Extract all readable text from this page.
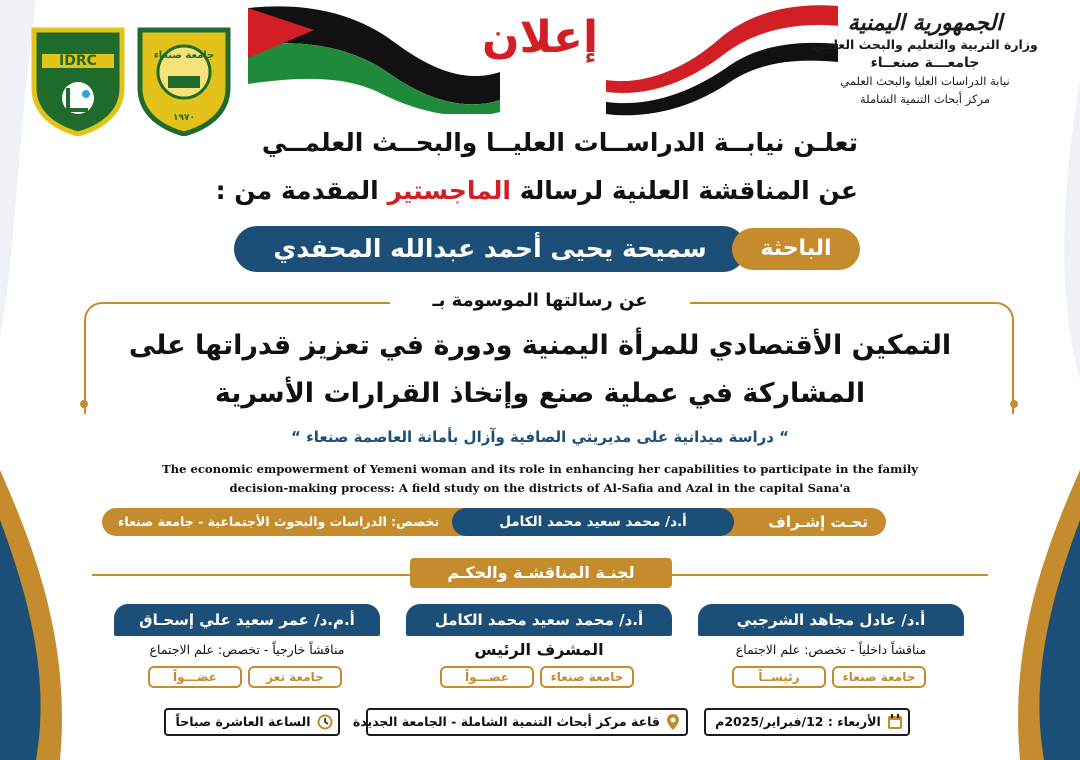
إعلان
IDRC	جامعة صنعاء
١٩٧٠
الجمهورية اليمنية
وزارة التربية والتعليم والبحث العلمي
جامعـــة صنعــاء
نيابة الدراسات العليا والبحث العلمي
مركز أبحاث التنمية الشاملة
تعلـن نيابــة الدراســات العليــا والبحــث العلمــي
عن المناقشة العلنية لرسالة الماجستير المقدمة من :
سميحة يحيى أحمد عبدالله المحفدي	الباحثة
عن رسالتها الموسومة بـ
التمكين الأقتصادي للمرأة اليمنية ودورة في تعزيز قدراتها على
المشاركة في عملية صنع وإتخاذ القرارات الأسرية
“ دراسة ميدانية على مديريتي الصافية وآزال بأمانة العاصمة صنعاء “
The economic empowerment of Yemeni woman and its role in enhancing her capabilities to participate in the family
decision-making process: A field study on the districts of Al-Safia and Azal in the capital Sana'a
تحـت إشـراف
أ.د/ محمد سعيد محمد الكامل
تخصص: الدراسات والبحوث الأجتماعية - جامعة صنعاء
لجنـة المناقشـة والحكـم
أ.د/ عادل مجاهد الشرجبي
مناقشاً داخلياً - تخصص: علم الاجتماع
جامعة صنعاء
رئيســاً
أ.د/ محمد سعيد محمد الكامل
المشرف الرئيس
جامعة صنعاء
عضـــواً
أ.م.د/ عمر سعيد علي إسحـاق
مناقشاً خارجياً - تخصص: علم الاجتماع
جامعة تعز
عضـــواً
الأربعاء : 12/فبراير/2025م
قاعة مركز أبحاث التنمية الشاملة - الجامعة الجديدة
الساعة العاشرة صباحاً
